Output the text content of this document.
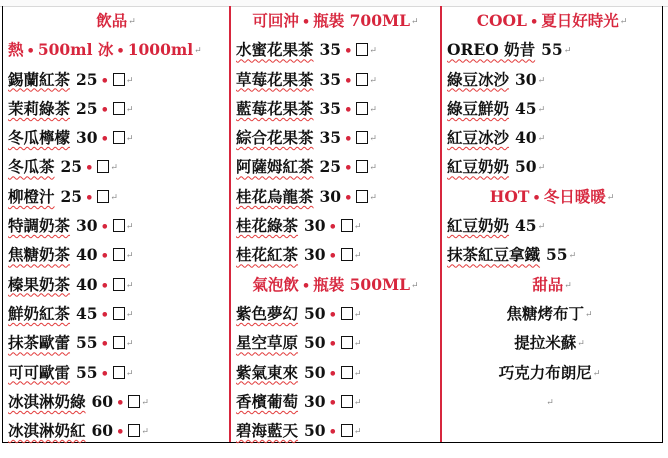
飲品↵
熱 • 500ml 冰 • 1000ml↵
錫蘭紅茶 25 • ↵
茉莉綠茶 25 • ↵
冬瓜檸檬 30 • ↵
冬瓜茶 25 • ↵
柳橙汁 25 • ↵
特調奶茶 30 • ↵
焦糖奶茶 40 • ↵
榛果奶茶 40 • ↵
鮮奶紅茶 45 • ↵
抹茶歐蕾 55 • ↵
可可歐雷 55 • ↵
冰淇淋奶綠 60 • ↵
冰淇淋奶紅 60 • ↵
可回沖 • 瓶裝 700ML↵
水蜜花果茶 35 • ↵
草莓花果茶 35 • ↵
藍莓花果茶 35 • ↵
綜合花果茶 35 • ↵
阿薩姆紅茶 25 • ↵
桂花烏龍茶 30 • ↵
桂花綠茶 30 • ↵
桂花紅茶 30 • ↵
氣泡飲 • 瓶裝 500ML↵
紫色夢幻 50 • ↵
星空草原 50 • ↵
紫氣東來 50 • ↵
香檳葡萄 30 • ↵
碧海藍天 50 • ↵
COOL • 夏日好時光↵
OREO 奶昔 55↵
綠豆冰沙 30↵
綠豆鮮奶 45↵
紅豆冰沙 40↵
紅豆奶奶 50↵
HOT • 冬日暖暖↵
紅豆奶奶 45↵
抹茶紅豆拿鐵 55↵
甜品↵
焦糖烤布丁↵
提拉米蘇↵
巧克力布朗尼↵
↵
